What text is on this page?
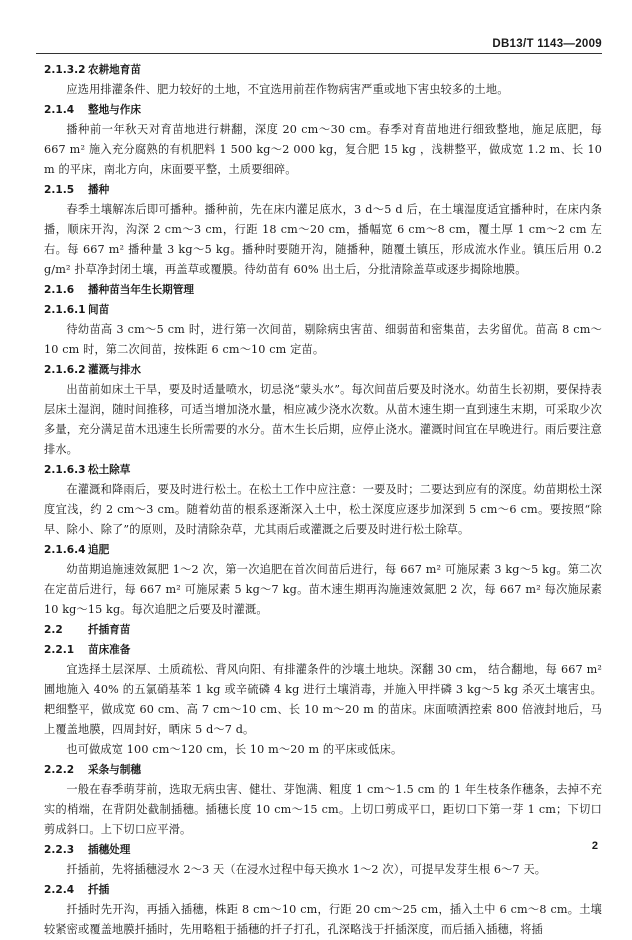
DB13/T 1143—2009
2.1.3.2 农耕地育苗

应选用排灌条件、肥力较好的土地，不宜选用前茬作物病害严重或地下害虫较多的土地。

2.1.4 整地与作床

播种前一年秋天对育苗地进行耕翻，深度 20 cm～30 cm。春季对育苗地进行细致整地，施足底肥，每 667 m² 施入充分腐熟的有机肥料 1 500 kg～2 000 kg，复合肥 15 kg ，浅耕整平，做成宽 1.2 m、长 10 m 的平床，南北方向，床面要平整，土质要细碎。

2.1.5 播种

春季土壤解冻后即可播种。播种前，先在床内灌足底水，3 d～5 d 后，在土壤湿度适宜播种时，在床内条播，顺床开沟，沟深 2 cm～3 cm，行距 18 cm～20 cm，播幅宽 6 cm～8 cm，覆土厚 1 cm～2 cm 左右。每 667 m² 播种量 3 kg～5 kg。播种时要随开沟，随播种，随覆土镇压，形成流水作业。镇压后用 0.2 g/m² 扑草净封闭土壤，再盖草或覆膜。待幼苗有 60% 出土后，分批清除盖草或逐步揭除地膜。

2.1.6 播种苗当年生长期管理
2.1.6.1 间苗

待幼苗高 3 cm～5 cm 时，进行第一次间苗，剔除病虫害苗、细弱苗和密集苗，去劣留优。苗高 8 cm～10 cm 时，第二次间苗，按株距 6 cm～10 cm 定苗。

2.1.6.2 灌溉与排水

出苗前如床土干旱，要及时适量喷水，切忌浇“蒙头水”。每次间苗后要及时浇水。幼苗生长初期，要保持表层床土湿润，随时间推移，可适当增加浇水量，相应减少浇水次数。从苗木速生期一直到速生末期，可采取少次多量，充分满足苗木迅速生长所需要的水分。苗木生长后期，应停止浇水。灌溉时间宜在早晚进行。雨后要注意排水。

2.1.6.3 松土除草

在灌溉和降雨后，要及时进行松土。在松土工作中应注意：一要及时；二要达到应有的深度。幼苗期松土深度宜浅，约 2 cm～3 cm。随着幼苗的根系逐渐深入土中，松土深度应逐步加深到 5 cm～6 cm。要按照“除早、除小、除了”的原则，及时清除杂草，尤其雨后或灌溉之后要及时进行松土除草。

2.1.6.4 追肥

幼苗期追施速效氮肥 1～2 次，第一次追肥在首次间苗后进行，每 667 m² 可施尿素 3 kg～5 kg。第二次在定苗后进行，每 667 m² 可施尿素 5 kg～7 kg。苗木速生期再沟施速效氮肥 2 次，每 667 m² 每次施尿素 10 kg～15 kg。每次追肥之后要及时灌溉。

2.2 扦插育苗
2.2.1 苗床准备

宜选择土层深厚、土质疏松、背风向阳、有排灌条件的沙壤土地块。深翻 30 cm， 结合翻地，每 667 m² 圃地施入 40% 的五氯硝基苯 1 kg 或辛硫磷 4 kg 进行土壤消毒，并施入甲拌磷 3 kg～5 kg 杀灭土壤害虫。耙细整平，做成宽 60 cm、高 7 cm～10 cm、长 10 m～20 m 的苗床。床面喷洒控索 800 倍液封地后，马上覆盖地膜，四周封好，晒床 5 d～7 d。

也可做成宽 100 cm～120 cm，长 10 m～20 m 的平床或低床。

2.2.2 采条与制穗

一般在春季萌芽前，选取无病虫害、健壮、芽饱满、粗度 1 cm～1.5 cm 的 1 年生枝条作穗条，去掉不充实的梢端，在背阴处截制插穗。插穗长度 10 cm～15 cm。上切口剪成平口，距切口下第一芽 1 cm；下切口剪成斜口。上下切口应平滑。

2.2.3 插穗处理

扦插前，先将插穗浸水 2～3 天（在浸水过程中每天换水 1～2 次），可提早发芽生根 6～7 天。

2.2.4 扦插

扦插时先开沟，再插入插穗，株距 8 cm～10 cm，行距 20 cm～25 cm，插入土中 6 cm～8 cm。土壤较紧密或覆盖地膜扦插时，先用略粗于插穗的扦子打孔，孔深略浅于扦插深度，而后插入插穗，将插

2
